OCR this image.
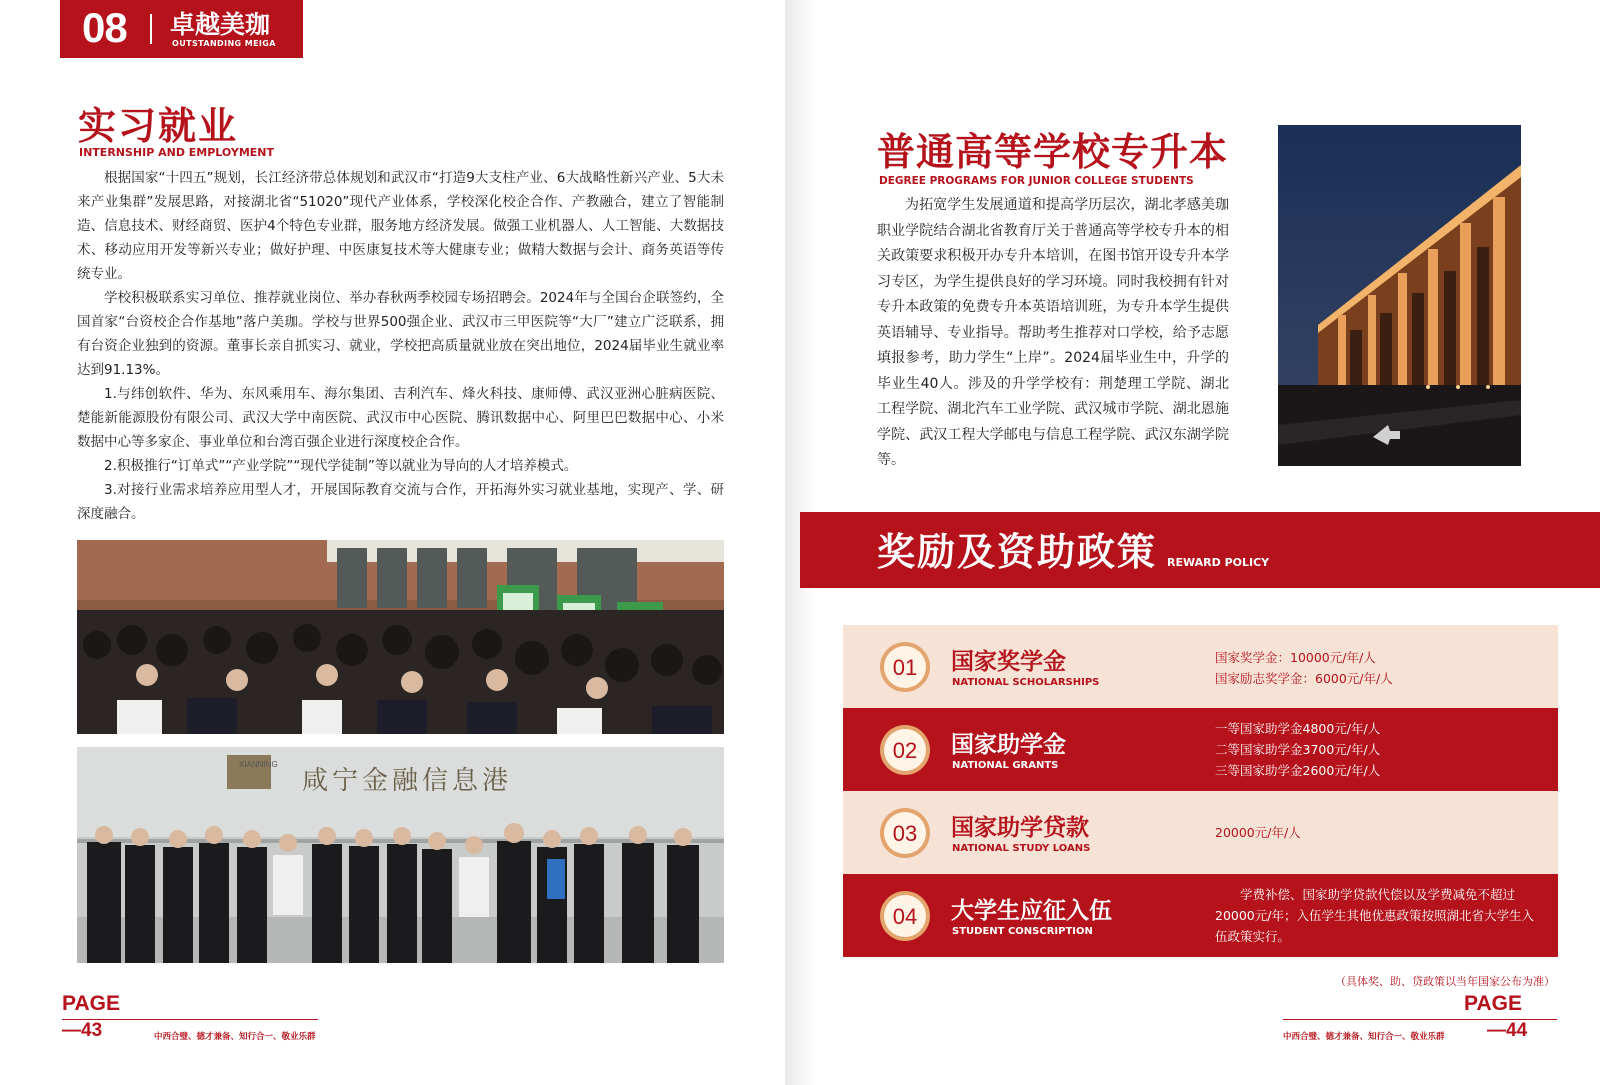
08 卓越美珈
OUTSTANDING MEIGA
实习就业
INTERNSHIP AND EMPLOYMENT

根据国家“十四五”规划，长江经济带总体规划和武汉市“打造9大支柱产业、6大战略性新兴产业、5大未来产业集群”发展思路，对接湖北省“51020”现代产业体系，学校深化校企合作、产教融合，建立了智能制造、信息技术、财经商贸、医护4个特色专业群，服务地方经济发展。做强工业机器人、人工智能、大数据技术、移动应用开发等新兴专业；做好护理、中医康复技术等大健康专业；做精大数据与会计、商务英语等传统专业。

学校积极联系实习单位、推荐就业岗位、举办春秋两季校园专场招聘会。2024年与全国台企联签约，全国首家“台资校企合作基地”落户美珈。学校与世界500强企业、武汉市三甲医院等“大厂”建立广泛联系，拥有台资企业独到的资源。董事长亲自抓实习、就业，学校把高质量就业放在突出地位，2024届毕业生就业率达到91.13%。

1.与纬创软件、华为、东风乘用车、海尔集团、吉利汽车、烽火科技、康师傅、武汉亚洲心脏病医院、楚能新能源股份有限公司、武汉大学中南医院、武汉市中心医院、腾讯数据中心、阿里巴巴数据中心、小米数据中心等多家企、事业单位和台湾百强企业进行深度校企合作。

2.积极推行“订单式”“产业学院”“现代学徒制”等以就业为导向的人才培养模式。

3.对接行业需求培养应用型人才，开展国际教育交流与合作，开拓海外实习就业基地，实现产、学、研深度融合。

XIANNING
咸宁金融信息港
PAGE
—43	中西合璧、德才兼备、知行合一、敬业乐群
普通高等学校专升本
DEGREE PROGRAMS FOR JUNIOR COLLEGE STUDENTS

为拓宽学生发展通道和提高学历层次，湖北孝感美珈职业学院结合湖北省教育厅关于普通高等学校专升本的相关政策要求积极开办专升本培训，在图书馆开设专升本学习专区，为学生提供良好的学习环境。同时我校拥有针对专升本政策的免费专升本英语培训班，为专升本学生提供英语辅导、专业指导。帮助考生推荐对口学校，给予志愿填报参考，助力学生“上岸”。2024届毕业生中，升学的毕业生40人。涉及的升学学校有：荆楚理工学院、湖北工程学院、湖北汽车工业学院、武汉城市学院、湖北恩施学院、武汉工程大学邮电与信息工程学院、武汉东湖学院等。

奖励及资助政策 REWARD POLICY
01 国家奖学金
NATIONAL SCHOLARSHIPS
国家奖学金：10000元/年/人
国家励志奖学金：6000元/年/人
02 国家助学金
NATIONAL GRANTS
一等国家助学金4800元/年/人
二等国家助学金3700元/年/人
三等国家助学金2600元/年/人
03 国家助学贷款
NATIONAL STUDY LOANS
20000元/年/人
04 大学生应征入伍
STUDENT CONSCRIPTION
学费补偿、国家助学贷款代偿以及学费减免不超过20000元/年；入伍学生其他优惠政策按照湖北省大学生入伍政策实行。
（具体奖、助、贷政策以当年国家公布为准）
PAGE
—44
中西合璧、德才兼备、知行合一、敬业乐群
